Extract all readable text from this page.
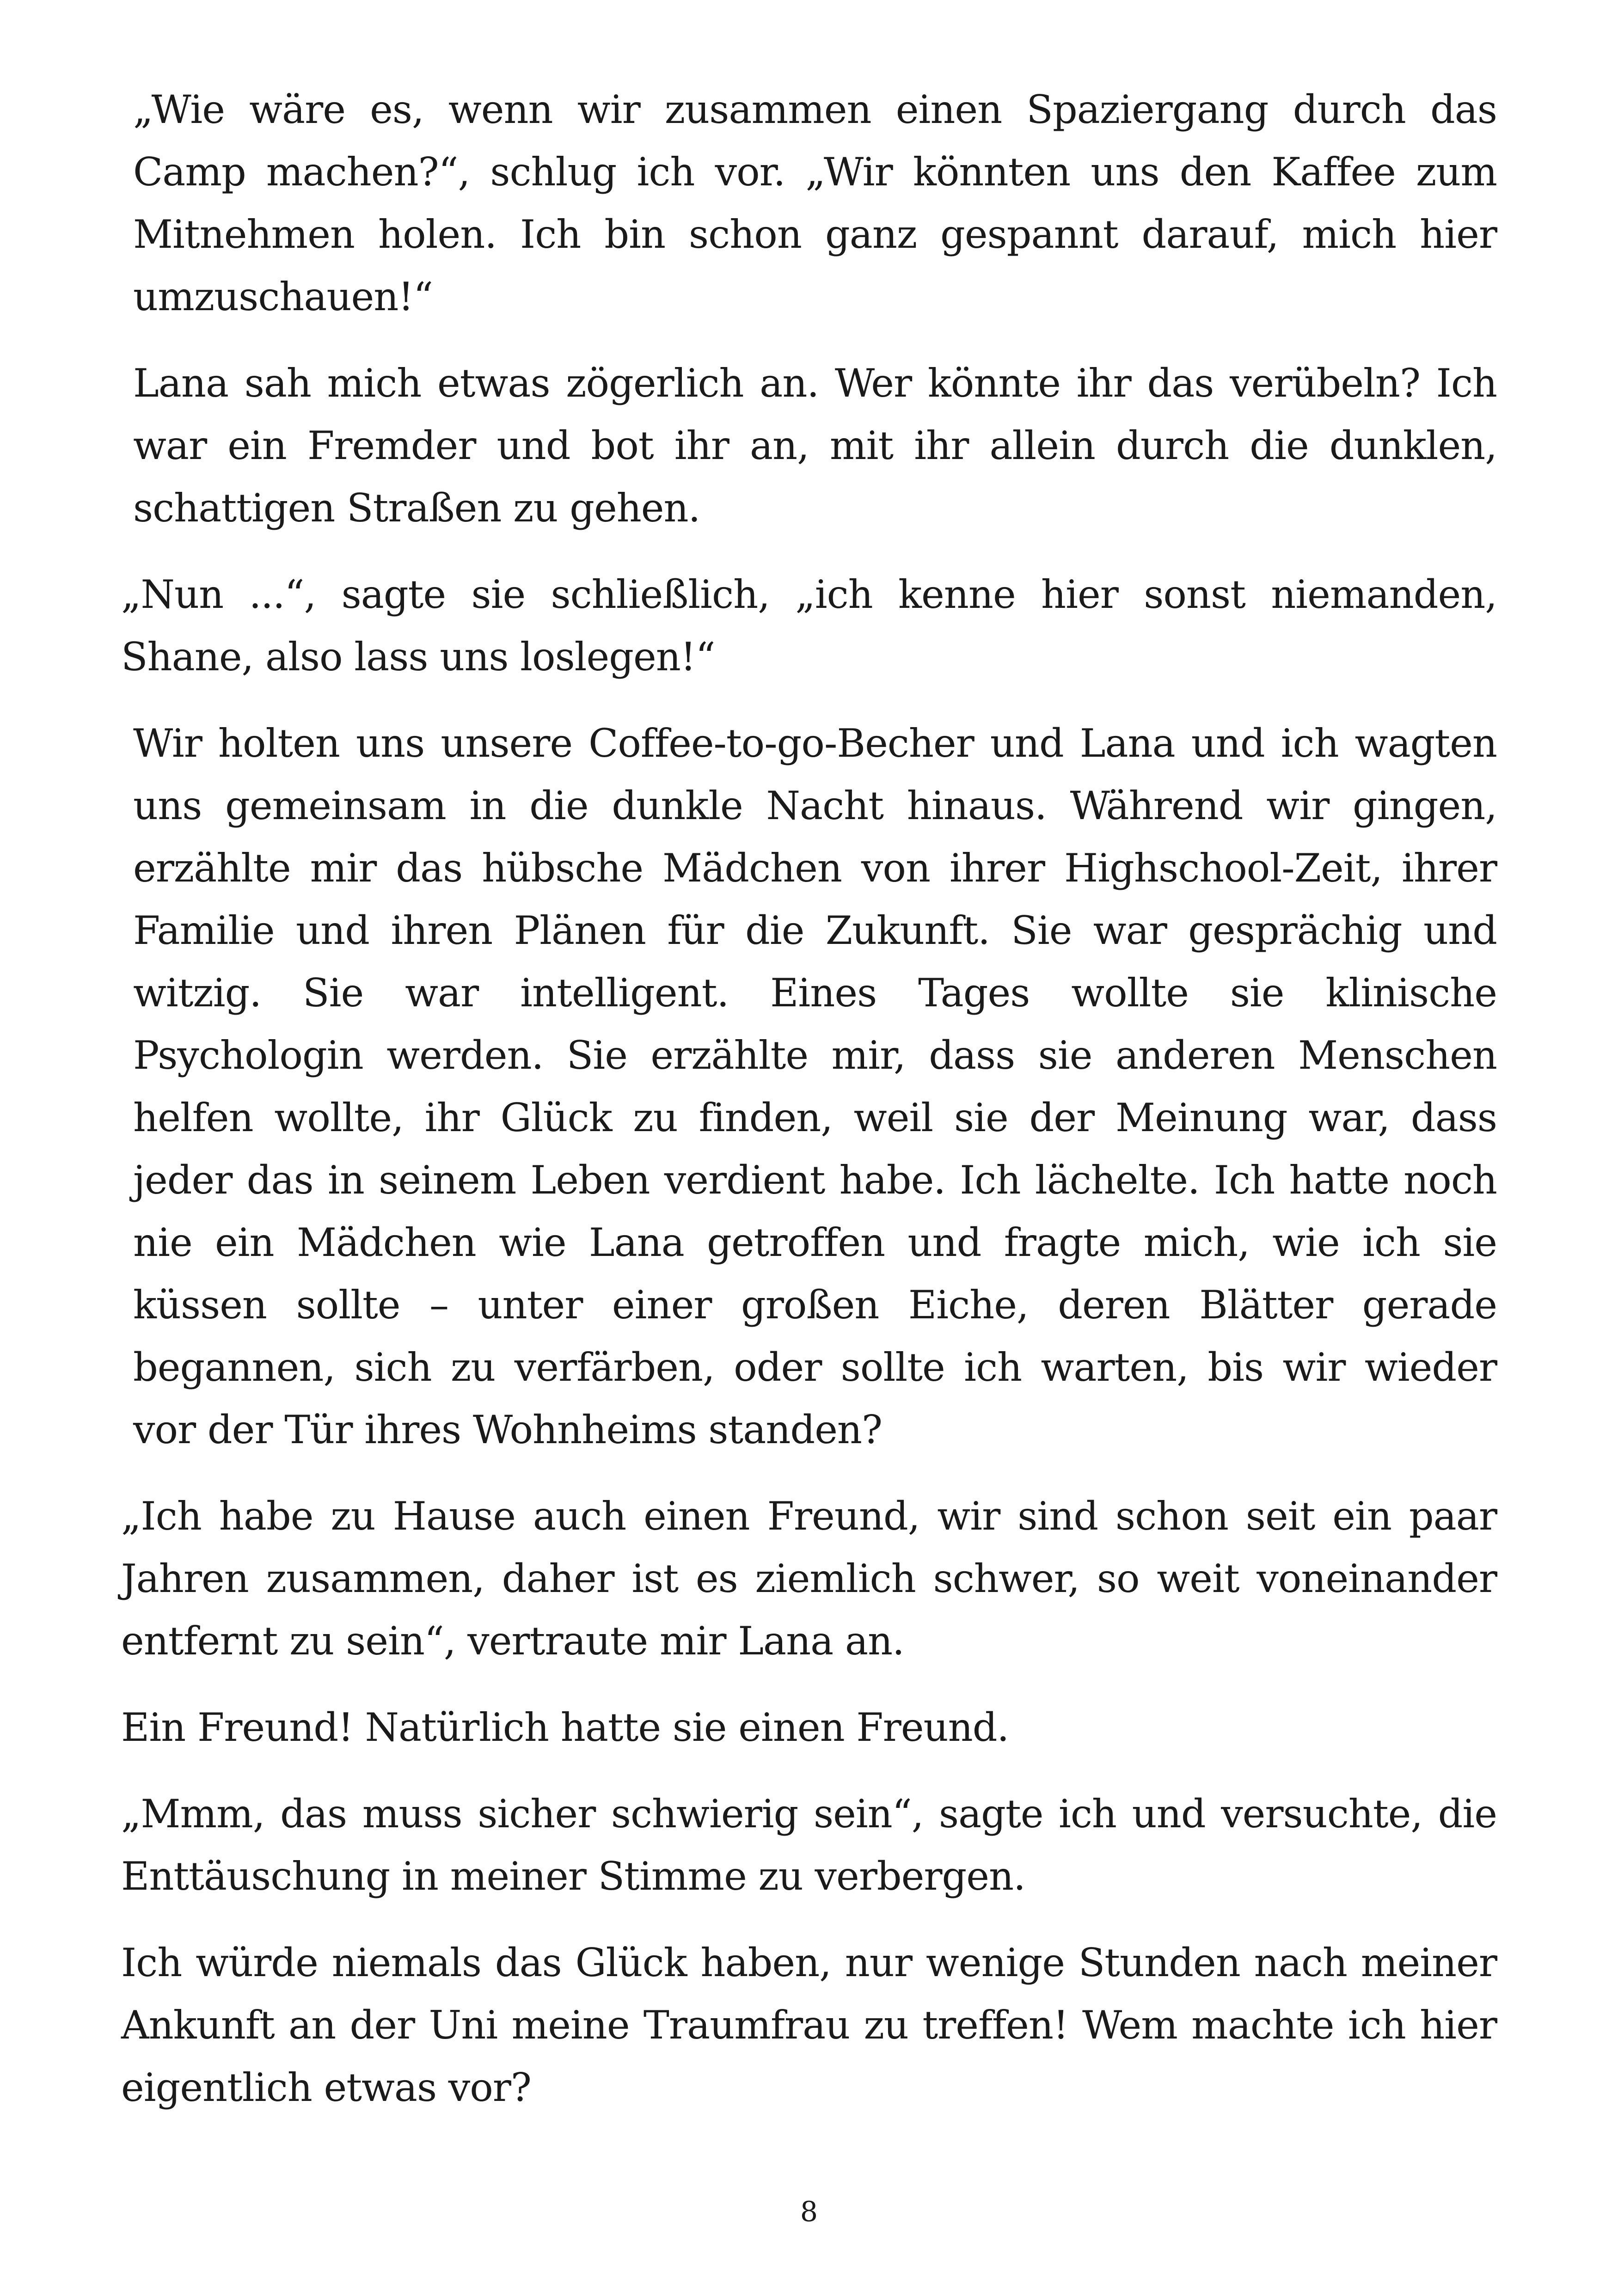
„Wie wäre es, wenn wir zusammen einen Spaziergang durch das Camp machen?“, schlug ich vor. „Wir könnten uns den Kaffee zum Mitnehmen holen. Ich bin schon ganz gespannt darauf, mich hier umzuschauen!“

Lana sah mich etwas zögerlich an. Wer könnte ihr das verübeln? Ich war ein Fremder und bot ihr an, mit ihr allein durch die dunklen, schattigen Straßen zu gehen.

„Nun ...“, sagte sie schließlich, „ich kenne hier sonst niemanden, Shane, also lass uns loslegen!“

Wir holten uns unsere Coffee-to-go-Becher und Lana und ich wagten uns gemeinsam in die dunkle Nacht hinaus. Während wir gingen, erzählte mir das hübsche Mädchen von ihrer Highschool-Zeit, ihrer Familie und ihren Plänen für die Zukunft. Sie war gesprächig und witzig. Sie war intelligent. Eines Tages wollte sie klinische Psychologin werden. Sie erzählte mir, dass sie anderen Menschen helfen wollte, ihr Glück zu finden, weil sie der Meinung war, dass jeder das in seinem Leben verdient habe. Ich lächelte. Ich hatte noch nie ein Mädchen wie Lana getroffen und fragte mich, wie ich sie küssen sollte – unter einer großen Eiche, deren Blätter gerade begannen, sich zu verfärben, oder sollte ich warten, bis wir wieder vor der Tür ihres Wohnheims standen?

„Ich habe zu Hause auch einen Freund, wir sind schon seit ein paar Jahren zusammen, daher ist es ziemlich schwer, so weit voneinander entfernt zu sein“, vertraute mir Lana an.

Ein Freund! Natürlich hatte sie einen Freund.

„Mmm, das muss sicher schwierig sein“, sagte ich und versuchte, die Enttäuschung in meiner Stimme zu verbergen.

Ich würde niemals das Glück haben, nur wenige Stunden nach meiner Ankunft an der Uni meine Traumfrau zu treffen! Wem machte ich hier eigentlich etwas vor?

8
